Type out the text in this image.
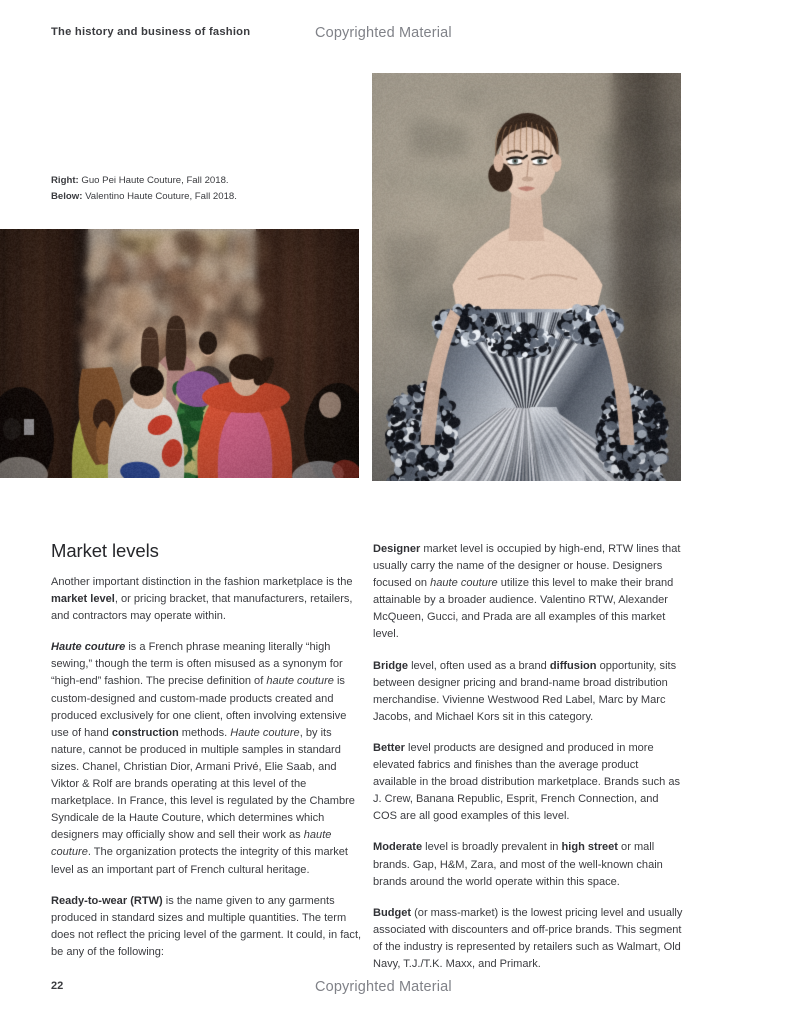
The history and business of fashion	Copyrighted Material
Right: Guo Pei Haute Couture, Fall 2018.
Below: Valentino Haute Couture, Fall 2018.
Market levels

Another important distinction in the fashion marketplace is the market level, or pricing bracket, that manufacturers, retailers, and contractors may operate within.

Haute couture is a French phrase meaning literally “high sewing,” though the term is often misused as a synonym for “high-end” fashion. The precise definition of haute couture is custom-designed and custom-made products created and produced exclusively for one client, often involving extensive use of hand construction methods. Haute couture, by its nature, cannot be produced in multiple samples in standard sizes. Chanel, Christian Dior, Armani Privé, Elie Saab, and Viktor & Rolf are brands operating at this level of the marketplace. In France, this level is regulated by the Chambre Syndicale de la Haute Couture, which determines which designers may officially show and sell their work as haute couture. The organization protects the integrity of this market level as an important part of French cultural heritage.

Ready-to-wear (RTW) is the name given to any garments produced in standard sizes and multiple quantities. The term does not reflect the pricing level of the garment. It could, in fact, be any of the following:

Designer market level is occupied by high-end, RTW lines that usually carry the name of the designer or house. Designers focused on haute couture utilize this level to make their brand attainable by a broader audience. Valentino RTW, Alexander McQueen, Gucci, and Prada are all examples of this market level.

Bridge level, often used as a brand diffusion opportunity, sits between designer pricing and brand-name broad distribution merchandise. Vivienne Westwood Red Label, Marc by Marc Jacobs, and Michael Kors sit in this category.

Better level products are designed and produced in more elevated fabrics and finishes than the average product available in the broad distribution marketplace. Brands such as J. Crew, Banana Republic, Esprit, French Connection, and COS are all good examples of this level.

Moderate level is broadly prevalent in high street or mall brands. Gap, H&M, Zara, and most of the well-known chain brands around the world operate within this space.

Budget (or mass-market) is the lowest pricing level and usually associated with discounters and off-price brands. This segment of the industry is represented by retailers such as Walmart, Old Navy, T.J./T.K. Maxx, and Primark.

Copyrighted Material
22
